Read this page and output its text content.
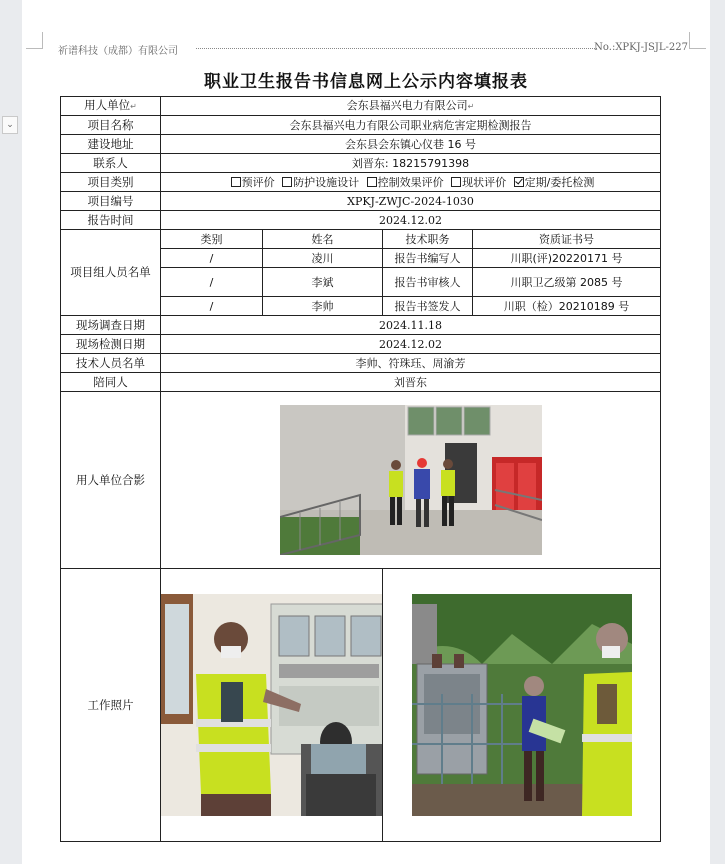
⌄
祈谱科技（成都）有限公司	No.:XPKJ-JSJL-227
职业卫生报告书信息网上公示内容填报表
用人单位↵	会东县福兴电力有限公司↵			
项目名称	会东县福兴电力有限公司职业病危害定期检测报告			
建设地址	会东县会东镇心仪巷 16 号			
联系人	刘晋东: 18215791398			
项目类别	预评价 防护设施设计 控制效果评价 现状评价 定期/委托检测			
项目编号	XPKJ-ZWJC-2024-1030			
报告时间	2024.12.02			
项目组人员名单	类别	姓名	技术职务	资质证书号
	/	凌川	报告书编写人	川职(评)20220171 号
	/	李斌	报告书审核人	川职卫乙级第 2085 号
	/	李帅	报告书签发人	川职（检）20210189 号
现场调查日期	2024.11.18			
现场检测日期	2024.12.02			
技术人员名单	李帅、符珠珏、周渝芳			
陪同人	刘晋东			
用人单位合影	

工作照片	
